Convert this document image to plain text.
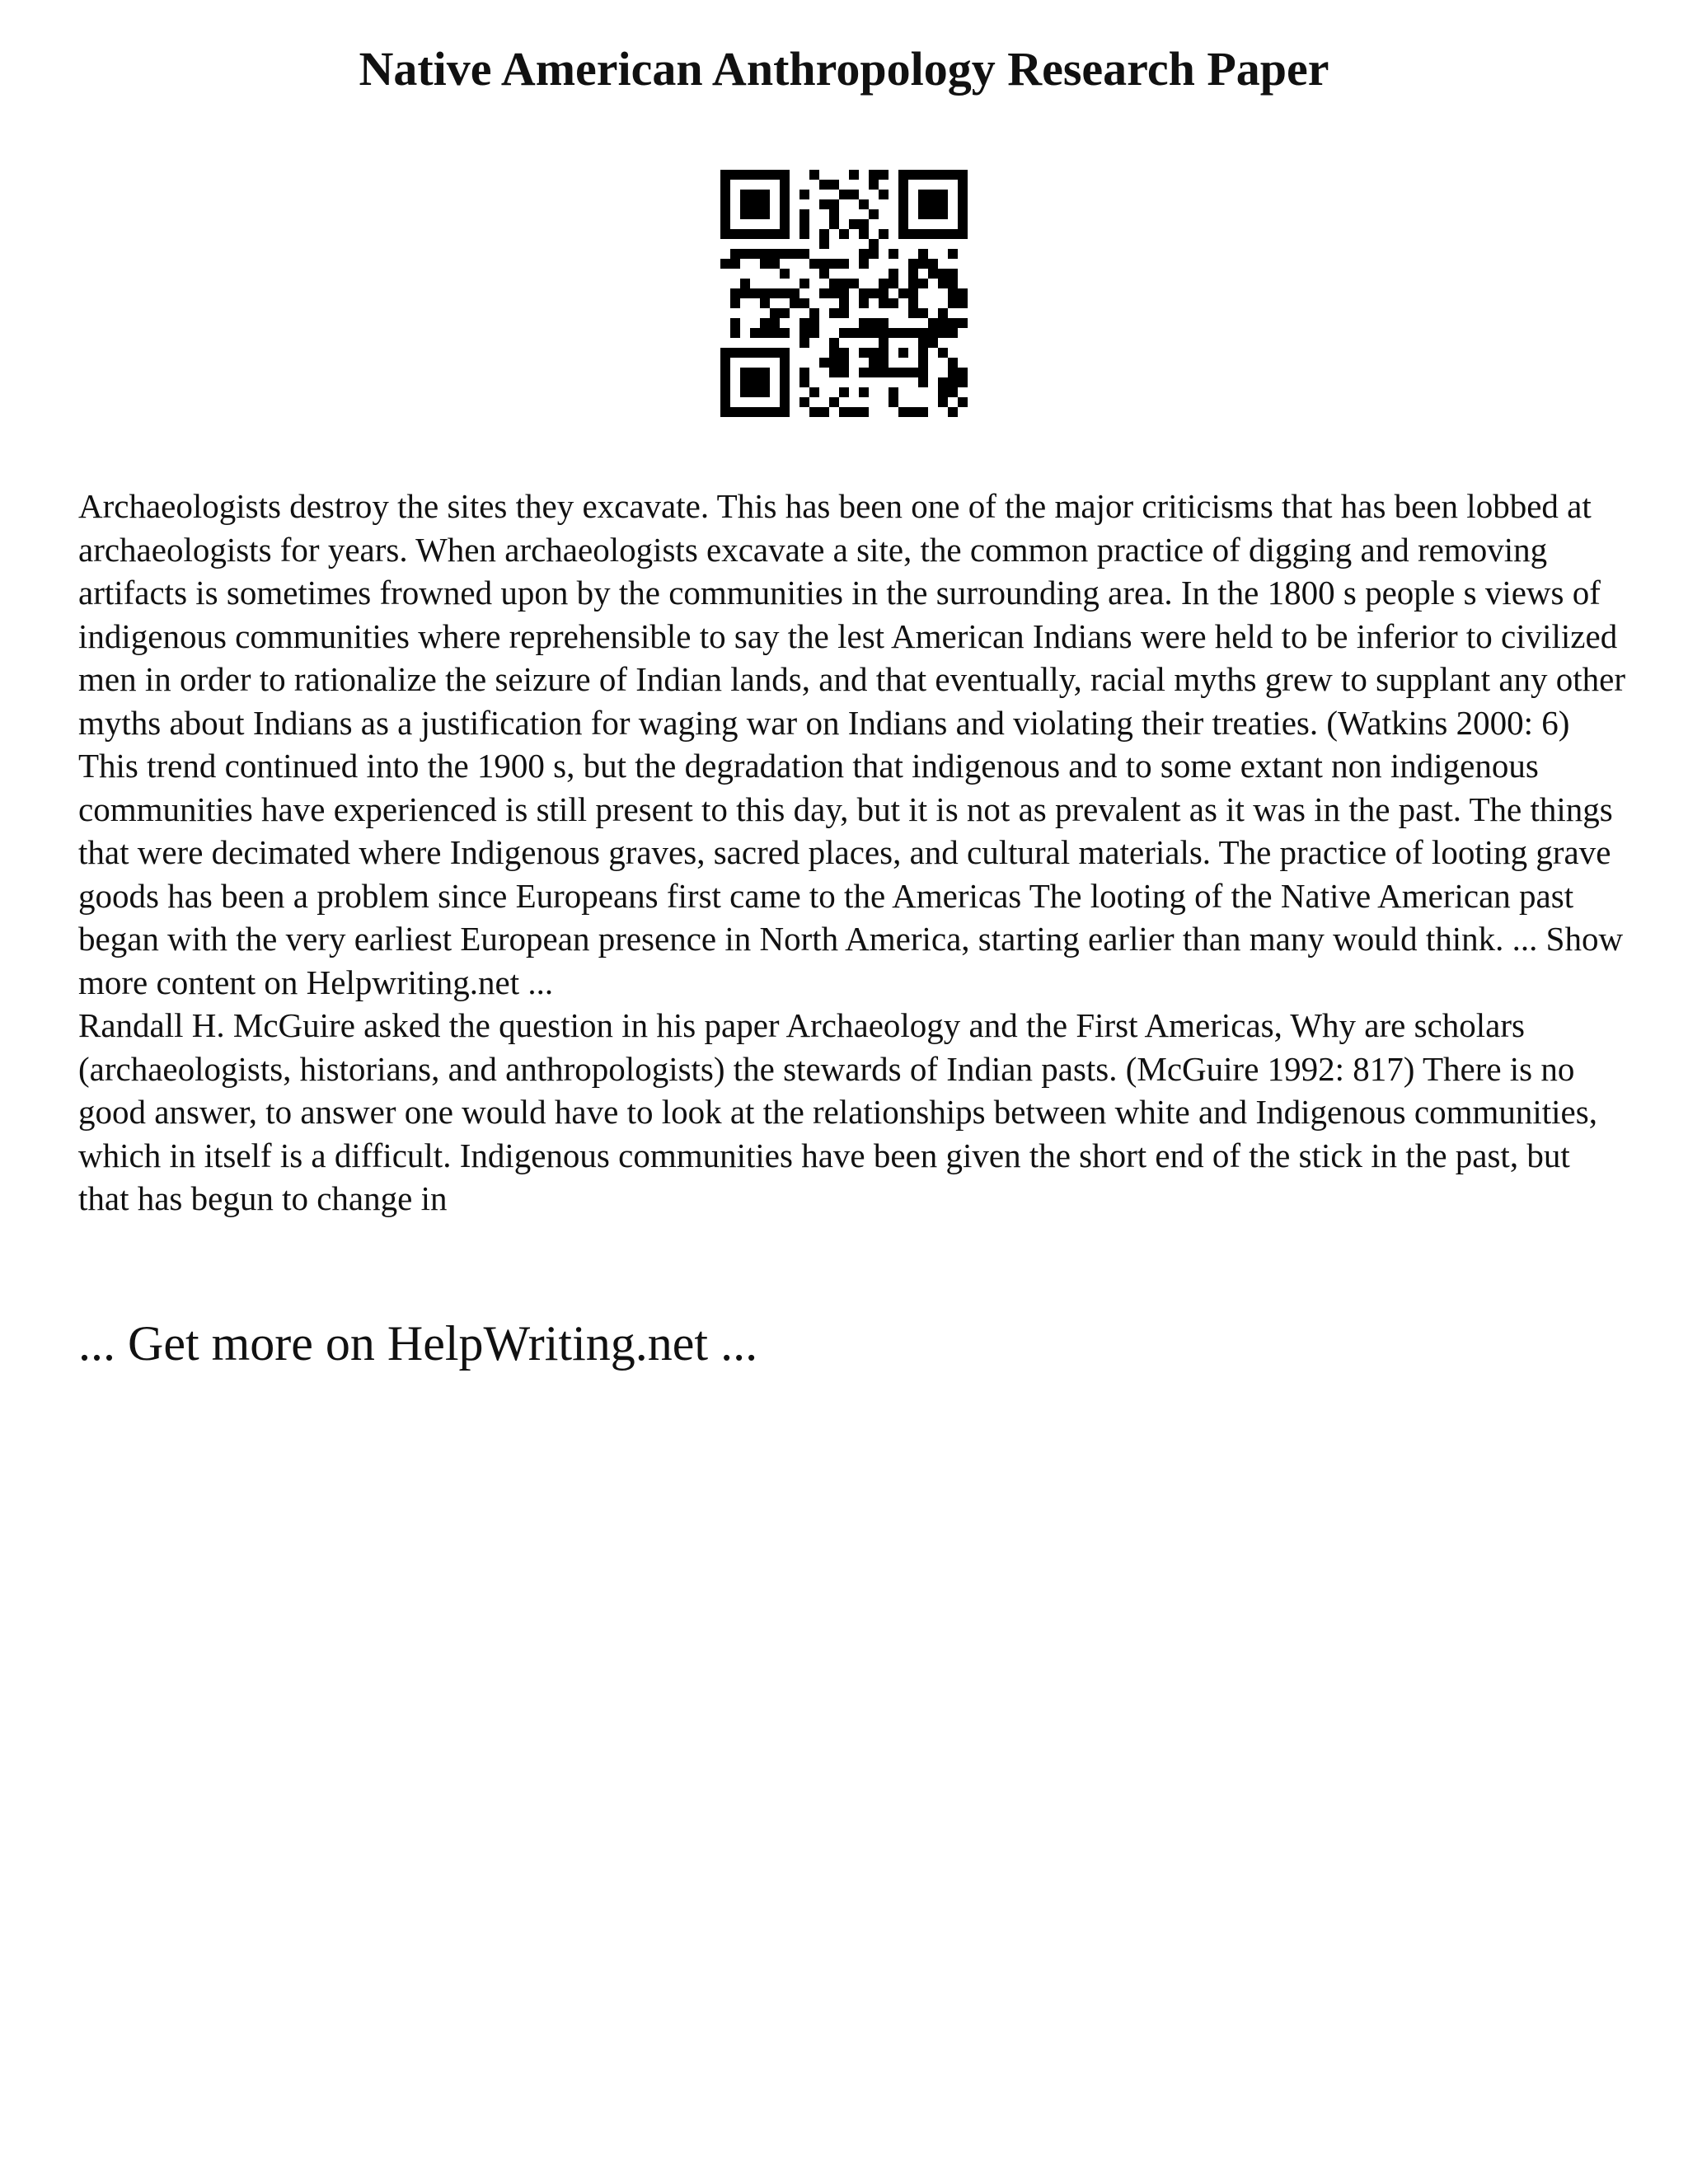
Native American Anthropology Research Paper

Archaeologists destroy the sites they excavate. This has been one of the major criticisms that has been lobbed at archaeologists for years. When archaeologists excavate a site, the common practice of digging and removing artifacts is sometimes frowned upon by the communities in the surrounding area. In the 1800 s people s views of indigenous communities where reprehensible to say the lest American Indians were held to be inferior to civilized men in order to rationalize the seizure of Indian lands, and that eventually, racial myths grew to supplant any other myths about Indians as a justification for waging war on Indians and violating their treaties. (Watkins 2000: 6) This trend continued into the 1900 s, but the degradation that indigenous and to some extant non indigenous communities have experienced is still present to this day, but it is not as prevalent as it was in the past. The things that were decimated where Indigenous graves, sacred places, and cultural materials. The practice of looting grave goods has been a problem since Europeans first came to the Americas The looting of the Native American past began with the very earliest European presence in North America, starting earlier than many would think. ... Show more content on Helpwriting.net ...

Randall H. McGuire asked the question in his paper Archaeology and the First Americas, Why are scholars (archaeologists, historians, and anthropologists) the stewards of Indian pasts. (McGuire 1992: 817) There is no good answer, to answer one would have to look at the relationships between white and Indigenous communities, which in itself is a difficult. Indigenous communities have been given the short end of the stick in the past, but that has begun to change in

... Get more on HelpWriting.net ...
